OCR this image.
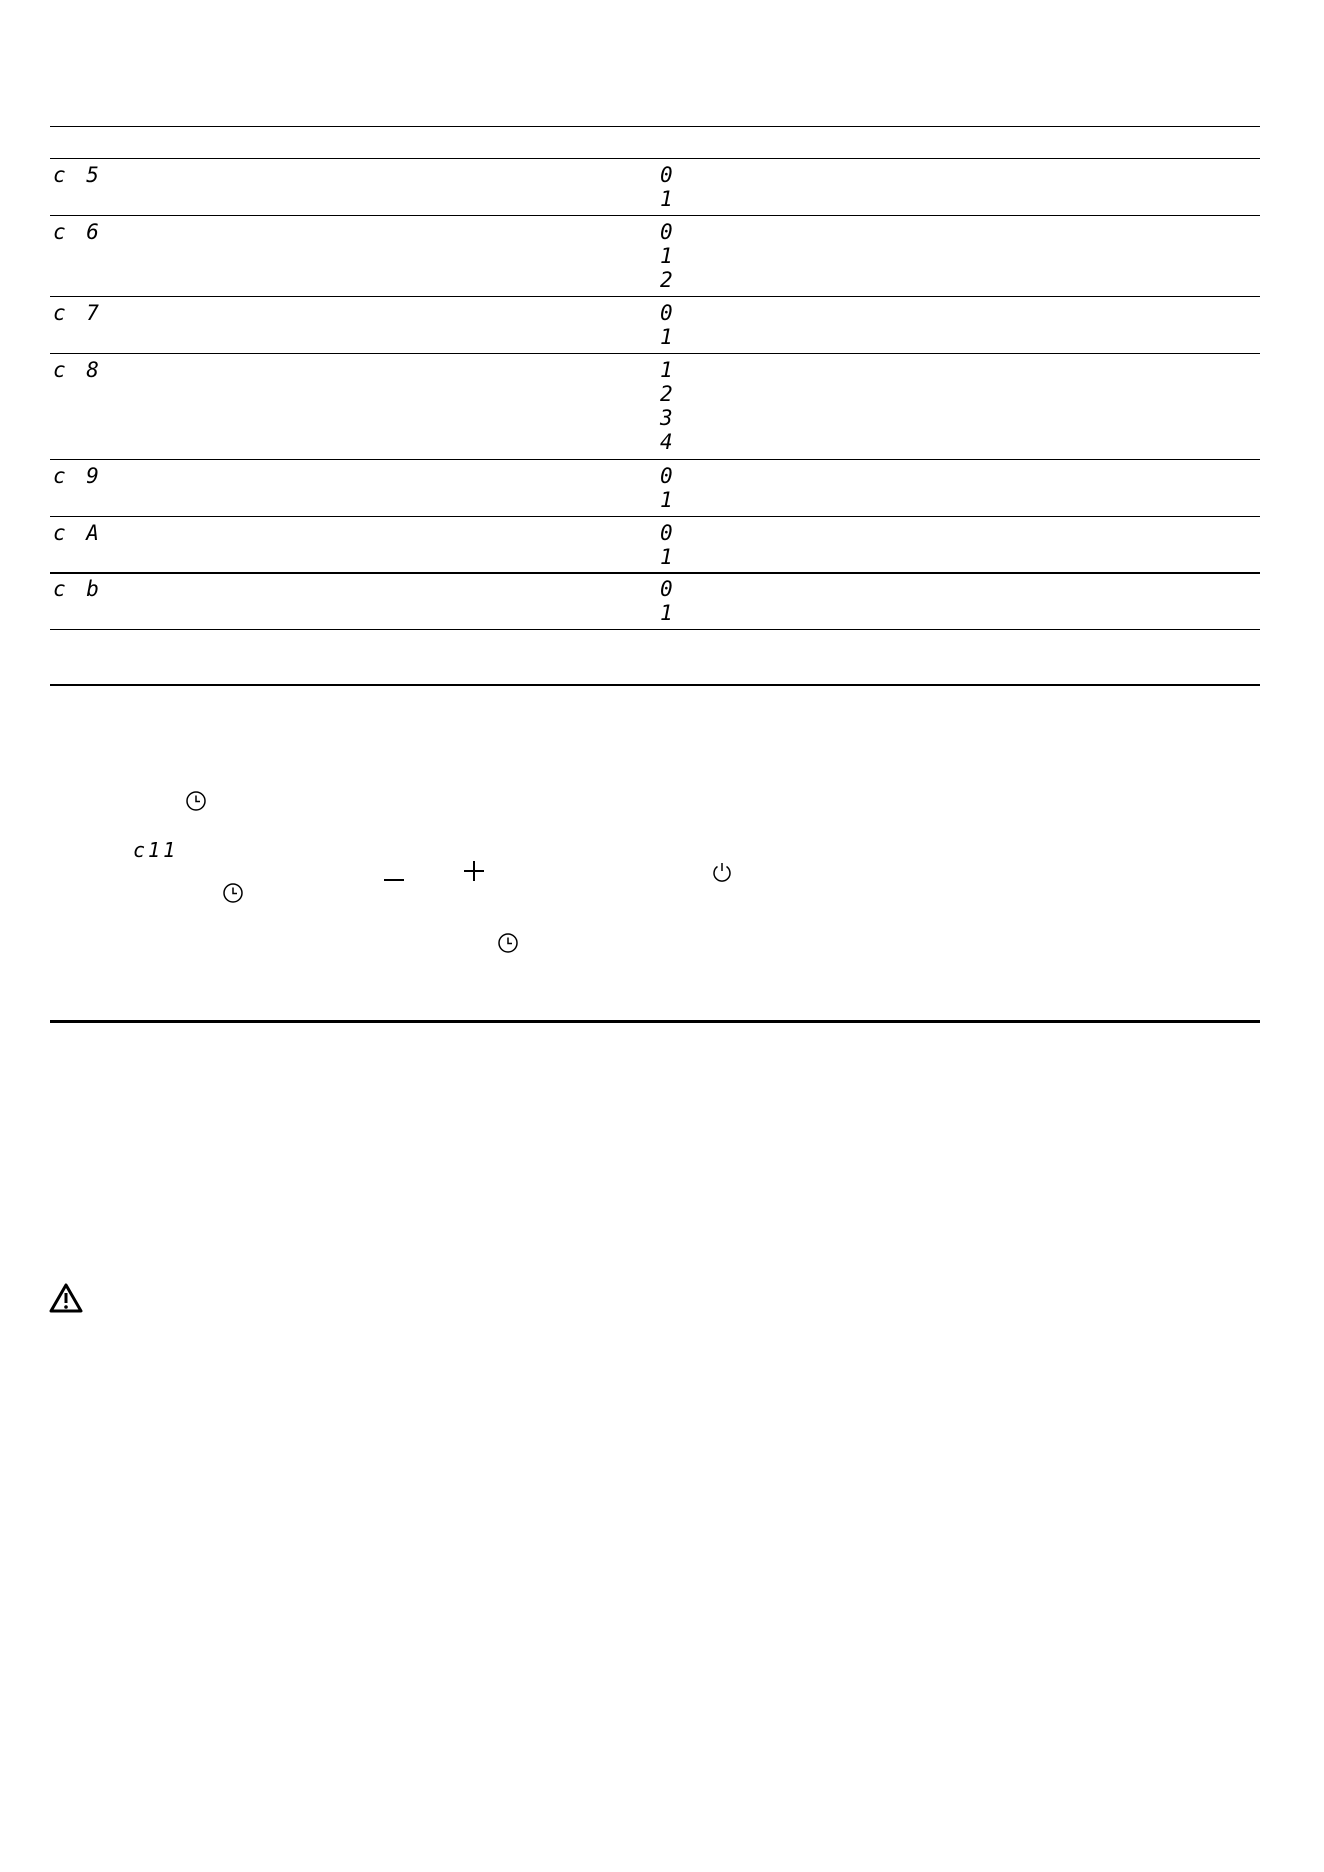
c 5	0
1
c 6	0
1
2
c 7	0
1
c 8	1
2
3
4
c 9	0
1
c A	0
1
c b	0
1
c11
